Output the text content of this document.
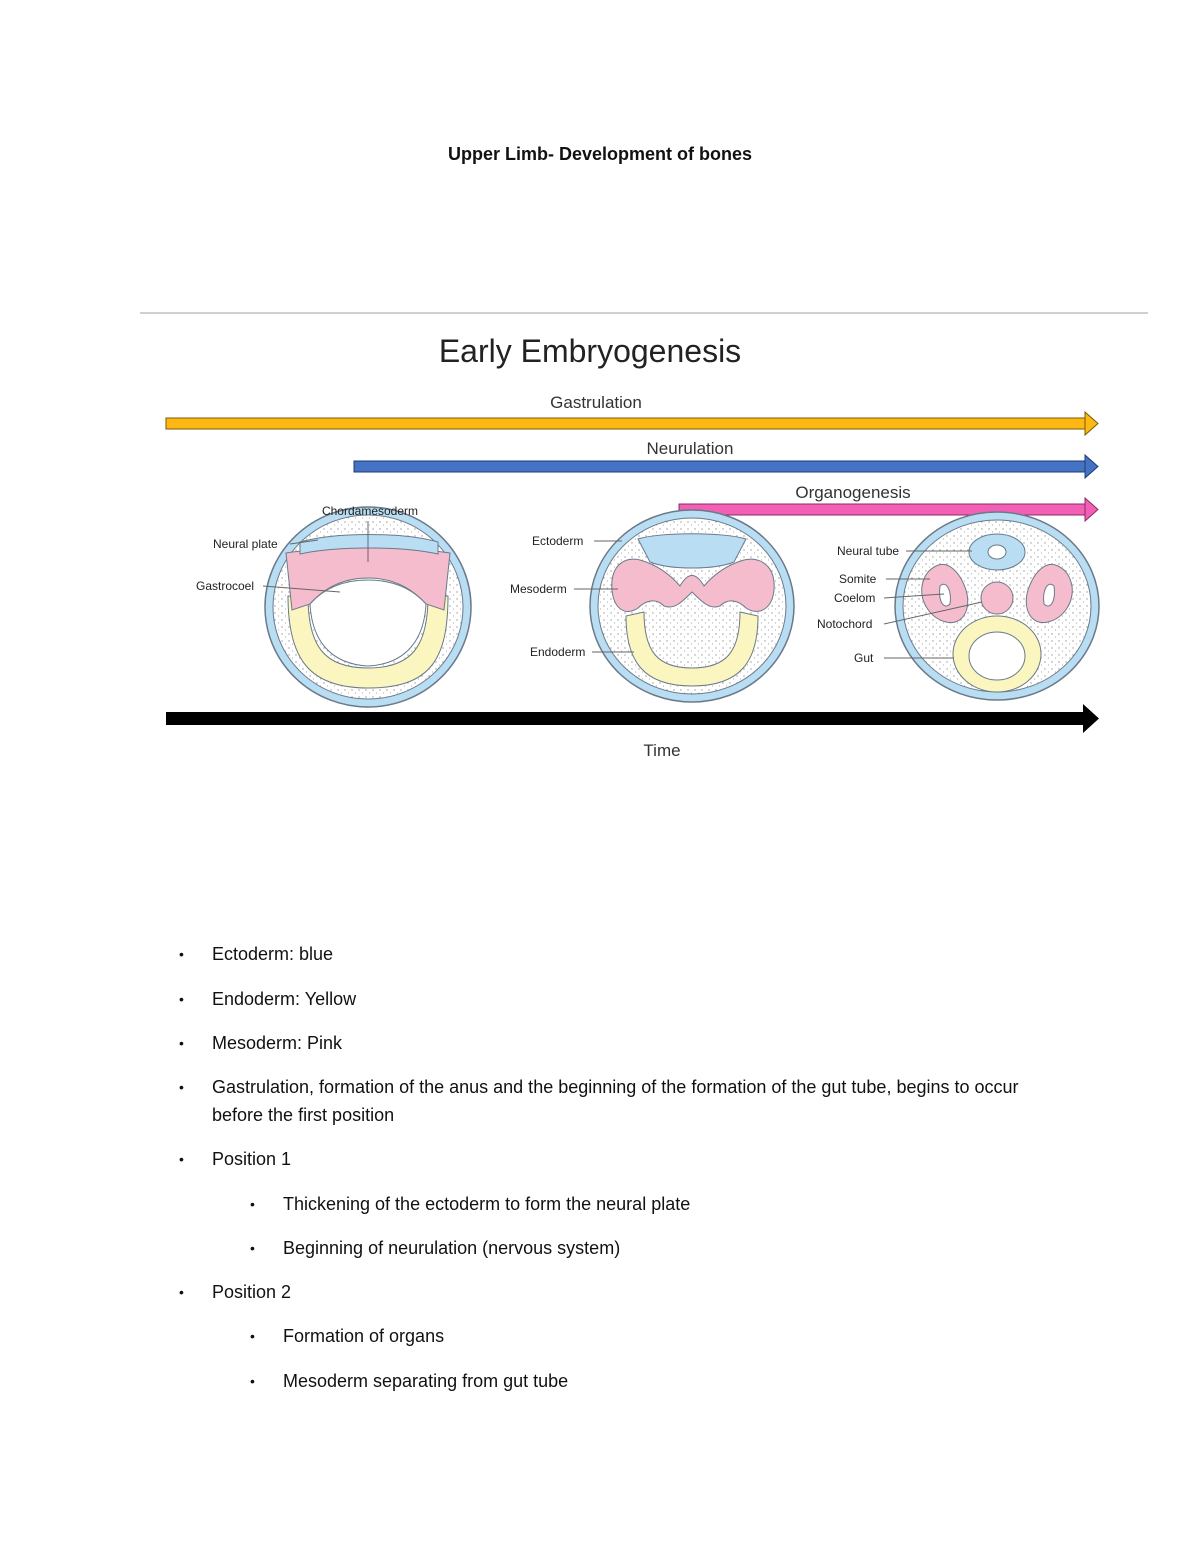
Upper Limb- Development of bones
Early Embryogenesis
Gastrulation
Neurulation
Organogenesis
Chordamesoderm
Neural plate
Gastrocoel
Ectoderm
Mesoderm
Endoderm
Neural tube
Somite
Coelom
Notochord
Gut
Time
• Ectoderm: blue
• Endoderm: Yellow
• Mesoderm: Pink
• Gastrulation, formation of the anus and the beginning of the formation of the gut tube, begins to occur before the first position
• Position 1
• Thickening of the ectoderm to form the neural plate
• Beginning of neurulation (nervous system)
• Position 2
• Formation of organs
• Mesoderm separating from gut tube
